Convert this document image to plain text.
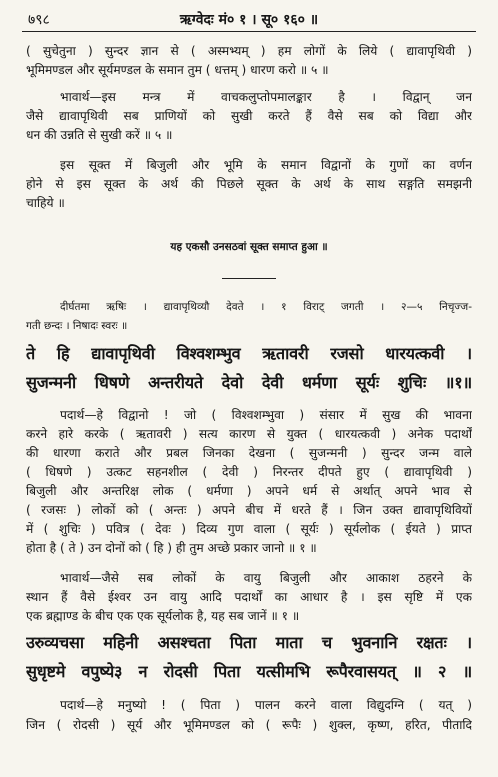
७९८	ऋग्वेदः मं० १ । सू० १६० ॥
( सुचेतुना ) सुन्दर ज्ञान से ( अस्मभ्यम् ) हम लोगों के लिये ( द्यावापृथिवी )
भूमिमण्डल और सूर्यमण्डल के समान तुम ( धत्तम् ) धारण करो ॥ ५ ॥
भावार्थ—इस मन्त्र में वाचकलुप्तोपमालङ्कार है । विद्वान् जन
जैसे द्यावापृथिवी सब प्राणियों को सुखी करते हैं वैसे सब को विद्या और
धन की उन्नति से सुखी करें ॥ ५ ॥
इस सूक्त में बिजुली और भूमि के समान विद्वानों के गुणों का वर्णन
होने से इस सूक्त के अर्थ की पिछले सूक्त के अर्थ के साथ सङ्गति समझनी
चाहिये ॥
यह एकसौ उनसठवां सूक्त समाप्त हुआ ॥
दीर्घतमा ऋषिः । द्यावापृथिव्यौ देवते । १ विराट् जगती । २—५ निचृज्ज-
गती छन्दः । निषादः स्वरः ॥
ते हि द्यावापृथिवी विश्वशम्भुव ऋतावरी रजसो धारयत्कवी ।
सुजन्मनी धिषणे अन्तरीयते देवो देवी धर्मणा सूर्यः शुचिः ॥१॥
पदार्थ—हे विद्वानो ! जो ( विश्वशम्भुवा ) संसार में सुख की भावना
करने हारे करके ( ऋतावरी ) सत्य कारण से युक्त ( धारयत्कवी ) अनेक पदार्थों
की धारणा कराते और प्रबल जिनका देखना ( सुजन्मनी ) सुन्दर जन्म वाले
( धिषणे ) उत्कट सहनशील ( देवी ) निरन्तर दीपते हुए ( द्यावापृथिवी )
बिजुली और अन्तरिक्ष लोक ( धर्मणा ) अपने धर्म से अर्थात् अपने भाव से
( रजसः ) लोकों को ( अन्तः ) अपने बीच में धरते हैं । जिन उक्त द्यावापृथिवियों
में ( शुचिः ) पवित्र ( देवः ) दिव्य गुण वाला ( सूर्यः ) सूर्यलोक ( ईयते ) प्राप्त
होता है ( ते ) उन दोनों को ( हि ) ही तुम अच्छे प्रकार जानो ॥ १ ॥
भावार्थ—जैसे सब लोकों के वायु बिजुली और आकाश ठहरने के
स्थान हैं वैसे ईश्वर उन वायु आदि पदार्थों का आधार है । इस सृष्टि में एक
एक ब्रह्माण्ड के बीच एक एक सूर्यलोक है, यह सब जानें ॥ १ ॥
उरुव्यचसा महिनी असश्चता पिता माता च भुवनानि रक्षतः ।
सुधृष्टमे वपुष्ये३ न रोदसी पिता यत्सीमभि रूपैरवासयत् ॥ २ ॥
पदार्थ—हे मनुष्यो ! ( पिता ) पालन करने वाला विद्युदग्नि ( यत् )
जिन ( रोदसी ) सूर्य और भूमिमण्डल को ( रूपैः ) शुक्ल, कृष्ण, हरित, पीतादि
